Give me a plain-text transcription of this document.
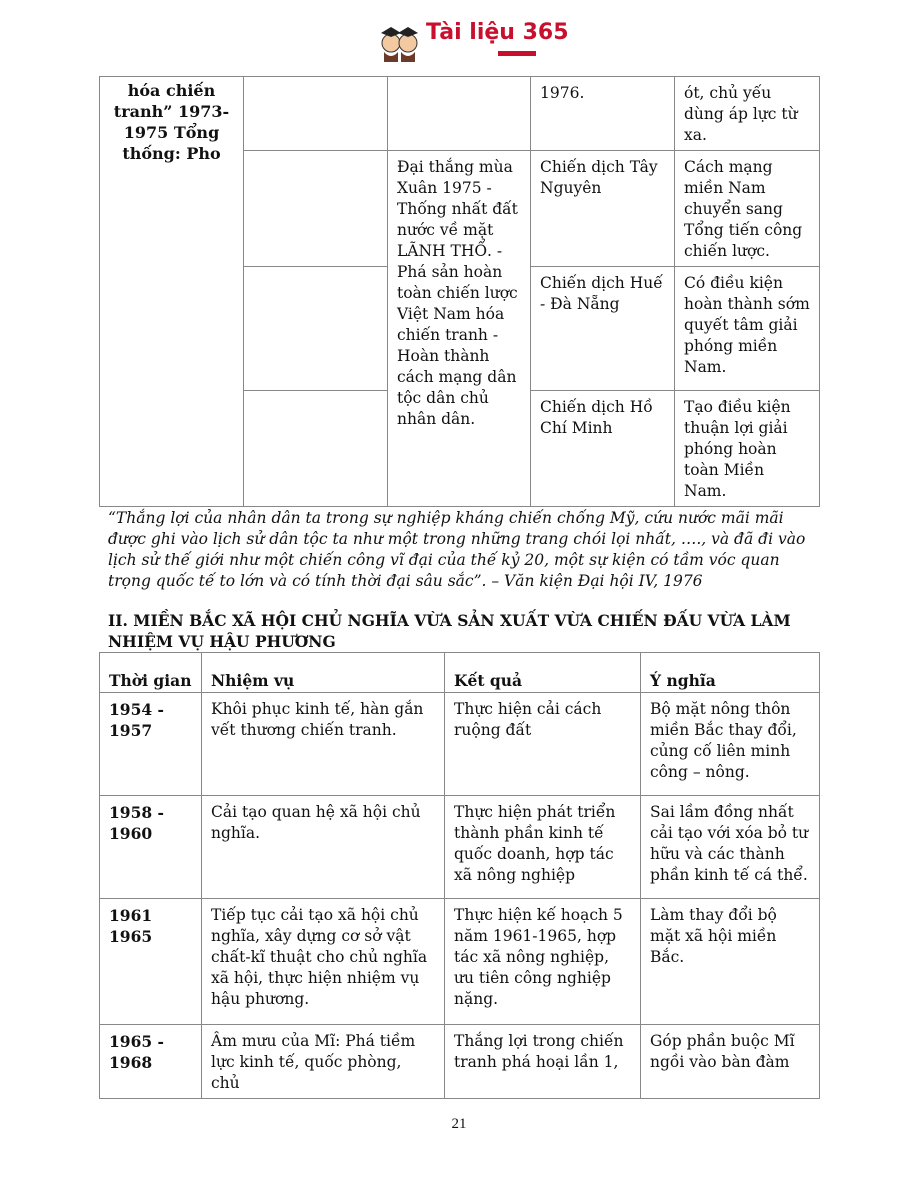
Tài liệu 365
hóa chiến tranh” 1973-1975 Tổng thống: Pho			1976.	ót, chủ yếu dùng áp lực từ xa.
		Đại thắng mùa Xuân 1975 - Thống nhất đất nước về mặt LÃNH THỔ. - Phá sản hoàn toàn chiến lược Việt Nam hóa chiến tranh - Hoàn thành cách mạng dân tộc dân chủ nhân dân.	Chiến dịch Tây Nguyên	Cách mạng miền Nam chuyển sang Tổng tiến công chiến lược.
			Chiến dịch Huế - Đà Nẵng	Có điều kiện hoàn thành sớm quyết tâm giải phóng miền Nam.
			Chiến dịch Hồ Chí Minh	Tạo điều kiện thuận lợi giải phóng hoàn toàn Miền Nam.
“Thắng lợi của nhân dân ta trong sự nghiệp kháng chiến chống Mỹ, cứu nước mãi mãi được ghi vào lịch sử dân tộc ta như một trong những trang chói lọi nhất, …., và đã đi vào lịch sử thế giới như một chiến công vĩ đại của thế kỷ 20, một sự kiện có tầm vóc quan trọng quốc tế to lớn và có tính thời đại sâu sắc”. – Văn kiện Đại hội IV, 1976
II. MIỀN BẮC XÃ HỘI CHỦ NGHĨA VỪA SẢN XUẤT VỪA CHIẾN ĐẤU VỪA LÀM NHIỆM VỤ HẬU PHƯƠNG
Thời gian	Nhiệm vụ	Kết quả	Ý nghĩa
1954 - 1957	Khôi phục kinh tế, hàn gắn vết thương chiến tranh.	Thực hiện cải cách ruộng đất	Bộ mặt nông thôn miền Bắc thay đổi, củng cố liên minh công – nông.
1958 - 1960	Cải tạo quan hệ xã hội chủ nghĩa.	Thực hiện phát triển thành phần kinh tế quốc doanh, hợp tác xã nông nghiệp	Sai lầm đồng nhất cải tạo với xóa bỏ tư hữu và các thành phần kinh tế cá thể.
1961 1965	Tiếp tục cải tạo xã hội chủ nghĩa, xây dựng cơ sở vật chất-kĩ thuật cho chủ nghĩa xã hội, thực hiện nhiệm vụ hậu phương.	Thực hiện kế hoạch 5 năm 1961-1965, hợp tác xã nông nghiệp, ưu tiên công nghiệp nặng.	Làm thay đổi bộ mặt xã hội miền Bắc.
1965 - 1968	Âm mưu của Mĩ: Phá tiềm lực kinh tế, quốc phòng, chủ	Thắng lợi trong chiến tranh phá hoại lần 1,	Góp phần buộc Mĩ ngồi vào bàn đàm
21
